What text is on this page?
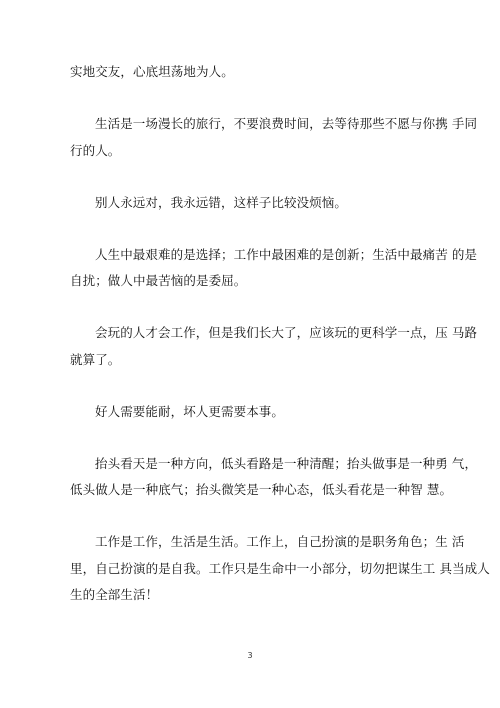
实地交友，心底坦荡地为人。
生活是一场漫长的旅行，不要浪费时间，去等待那些不愿与你携 手同
行的人。
别人永远对，我永远错，这样子比较没烦恼。
人生中最艰难的是选择；工作中最困难的是创新；生活中最痛苦 的是
自扰；做人中最苦恼的是委屈。
会玩的人才会工作，但是我们长大了，应该玩的更科学一点，压 马路
就算了。
好人需要能耐，坏人更需要本事。
抬头看天是一种方向，低头看路是一种清醒；抬头做事是一种勇 气，
低头做人是一种底气；抬头微笑是一种心态，低头看花是一种智 慧。
工作是工作，生活是生活。工作上，自己扮演的是职务角色；生 活
里，自己扮演的是自我。工作只是生命中一小部分，切勿把谋生工 具当成人
生的全部生活！
3
